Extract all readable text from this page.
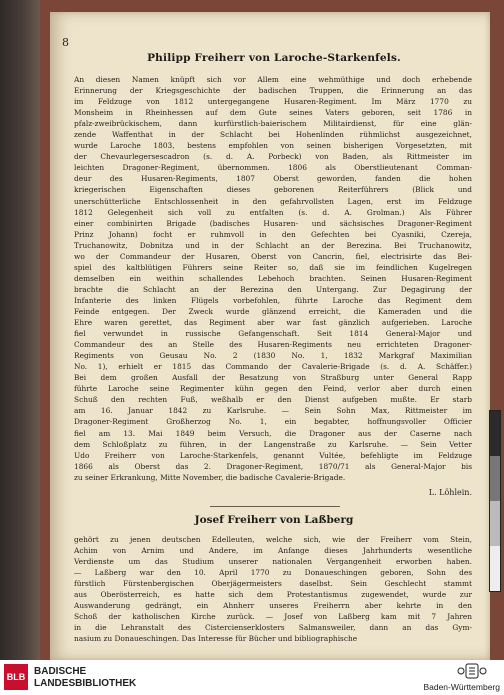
8
Philipp Freiherr von Laroche-Starkenfels.
An diesen Namen knüpft sich vor Allem eine wehmüthige und doch erhebende
Erinnerung der Kriegsgeschichte der badischen Truppen, die Erinnerung an das
im Feldzuge von 1812 untergegangene Husaren-Regiment. Im März 1770 zu
Monsheim in Rheinhessen auf dem Gute seines Vaters geboren, seit 1786 in
pfalz-zweibrückischem, dann kurfürstlich-baierischem Militairdienst, für eine glän-
zende Waffenthat in der Schlacht bei Hohenlinden rühmlichst ausgezeichnet,
wurde Laroche 1803, bestens empfohlen von seinen bisherigen Vorgesetzten, mit
der Chevaurlegersescadron (s. d. A. Porbeck) von Baden, als Rittmeister im
leichten Dragoner-Regiment, übernommen. 1806 als Oberstlieutenant Comman-
deur des Husaren-Regiments, 1807 Oberst geworden, fanden die hohen
kriegerischen Eigenschaften dieses geborenen Reiterführers (Blick und
unerschütterliche Entschlossenheit in den gefahrvollsten Lagen, erst im Feldzuge
1812 Gelegenheit sich voll zu entfalten (s. d. A. Grolman.) Als Führer
einer combinirten Brigade (badisches Husaren- und sächsisches Dragoner-Regiment
Prinz Johann) focht er ruhmvoll in den Gefechten bei Cyasniki, Czereja,
Truchanowitz, Dobnitza und in der Schlacht an der Berezina. Bei Truchanowitz,
wo der Commandeur der Husaren, Oberst von Cancrin, fiel, electrisirte das Bei-
spiel des kaltblütigen Führers seine Reiter so, daß sie im feindlichen Kugelregen
demselben ein weithin schallendes Lebehoch brachten. Seinen Husaren-Regiment
brachte die Schlacht an der Berezina den Untergang. Zur Degagirung der
Infanterie des linken Flügels vorbefohlen, führte Laroche das Regiment dem
Feinde entgegen. Der Zweck wurde glänzend erreicht, die Kameraden und die
Ehre waren gerettet, das Regiment aber war fast gänzlich aufgerieben. Laroche
fiel verwundet in russische Gefangenschaft. Seit 1814 General-Major und
Commandeur des an Stelle des Husaren-Regiments neu errichteten Dragoner-
Regiments von Geusau No. 2 (1830 No. 1, 1832 Markgraf Maximilian
No. 1), erhielt er 1815 das Commando der Cavalerie-Brigade (s. d. A. Schäffer.)
Bei dem großen Ausfall der Besatzung von Straßburg unter General Rapp
führte Laroche seine Regimenter kühn gegen den Feind, verlor aber durch einen
Schuß den rechten Fuß, weßhalb er den Dienst aufgeben mußte. Er starb
am 16. Januar 1842 zu Karlsruhe. — Sein Sohn Max, Rittmeister im
Dragoner-Regiment Großherzog No. 1, ein begabter, hoffnungsvoller Officier
fiel am 13. Mai 1849 beim Versuch, die Dragoner aus der Caserne nach
dem Schloßplatz zu führen, in der Langenstraße zu Karlsruhe. — Sein Vetter
Udo Freiherr von Laroche-Starkenfels, genannt Vultée, befehligte im Feldzuge
1866 als Oberst das 2. Dragoner-Regiment, 1870/71 als General-Major bis
zu seiner Erkrankung, Mitte November, die badische Cavalerie-Brigade.
L. Löhlein.
Josef Freiherr von Laßberg
gehört zu jenen deutschen Edelleuten, welche sich, wie der Freiherr vom Stein,
Achim von Arnim und Andere, im Anfange dieses Jahrhunderts wesentliche
Verdienste um das Studium unserer nationalen Vergangenheit erworben haben.
— Laßberg war den 10. April 1770 zu Donaueschingen geboren, Sohn des
fürstlich Fürstenbergischen Oberjägermeisters daselbst. Sein Geschlecht stammt
aus Oberösterreich, es hatte sich dem Protestantismus zugewendet, wurde zur
Auswanderung gedrängt, ein Ahnherr unseres Freiherrn aber kehrte in den
Schoß der katholischen Kirche zurück. — Josef von Laßberg kam mit 7 Jahren
in die Lehranstalt des Cistercienserklosters Salmansweiler, dann an das Gym-
nasium zu Donaueschingen. Das Interesse für Bücher und bibliographische
BLB BADISCHE
LANDESBIBLIOTHEK	Baden-Württemberg
